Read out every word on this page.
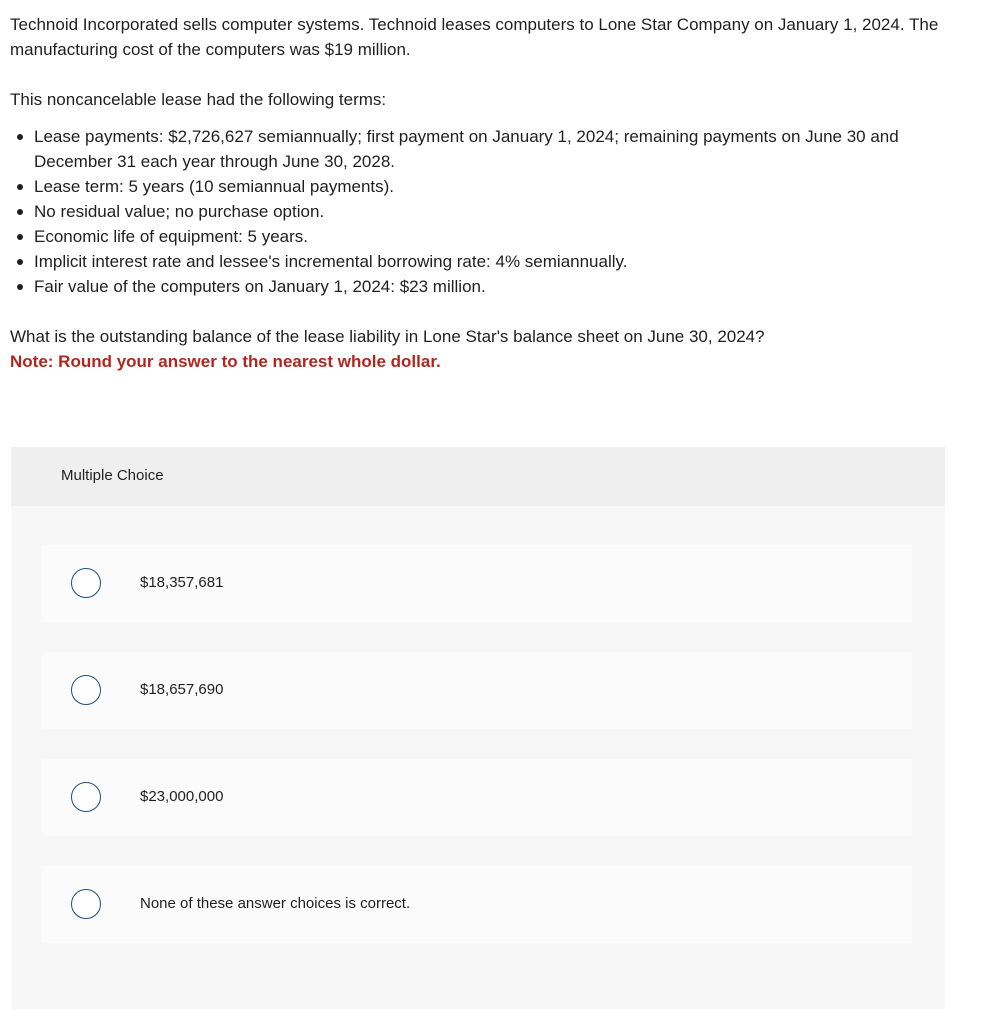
Technoid Incorporated sells computer systems. Technoid leases computers to Lone Star Company on January 1, 2024. The manufacturing cost of the computers was $19 million.

This noncancelable lease had the following terms:

Lease payments: $2,726,627 semiannually; first payment on January 1, 2024; remaining payments on June 30 and December 31 each year through June 30, 2028.
Lease term: 5 years (10 semiannual payments).
No residual value; no purchase option.
Economic life of equipment: 5 years.
Implicit interest rate and lessee's incremental borrowing rate: 4% semiannually.
Fair value of the computers on January 1, 2024: $23 million.

What is the outstanding balance of the lease liability in Lone Star's balance sheet on June 30, 2024?

Note: Round your answer to the nearest whole dollar.

Multiple Choice
$18,357,681
$18,657,690
$23,000,000
None of these answer choices is correct.
